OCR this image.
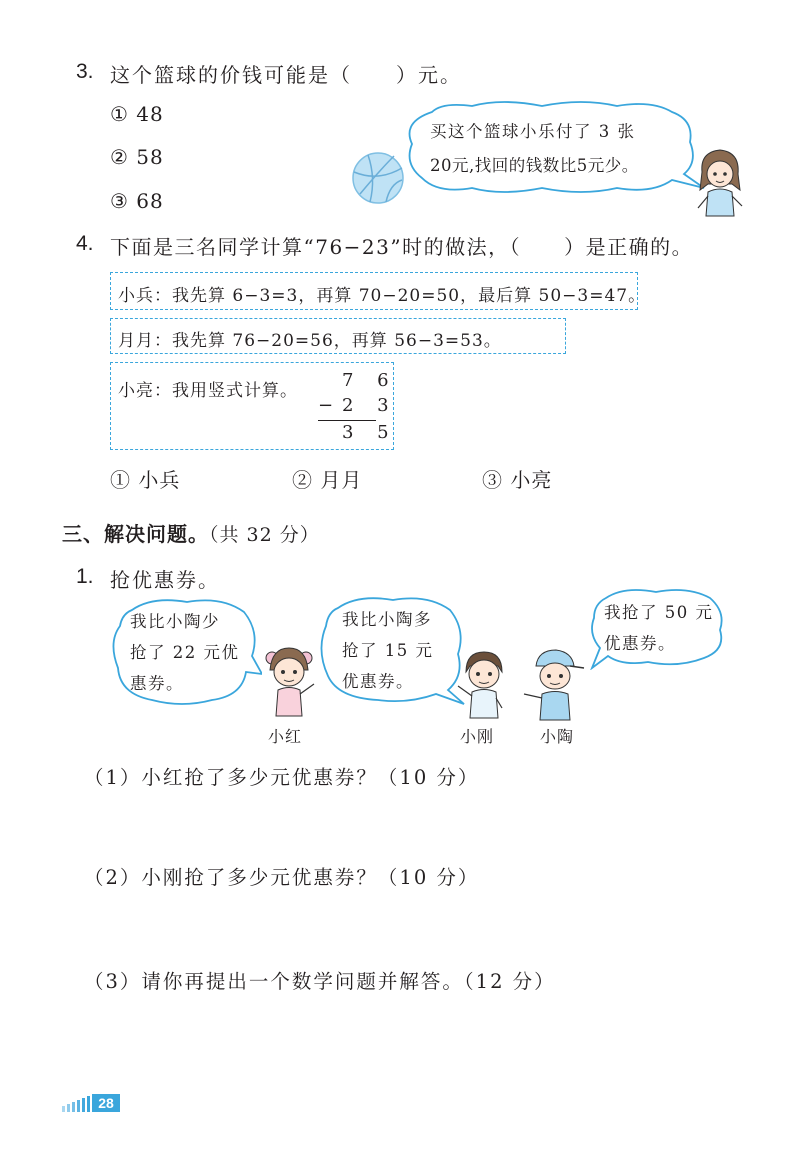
3. 这个篮球的价钱可能是（　　）元。
① 48
② 58
③ 68
买这个篮球小乐付了 3 张
20元,找回的钱数比5元少。
4. 下面是三名同学计算“76−23”时的做法，（　　）是正确的。
小兵：我先算 6−3=3，再算 70−20=50，最后算 50−3=47。
月月：我先算 76−20=56，再算 56−3=53。
小亮：我用竖式计算。 7 6
− 2 3
3 5
① 小兵	② 月月	③ 小亮
三、解决问题。（共 32 分）
1. 抢优惠券。
我比小陶少
抢了 22 元优
惠券。
小红
我比小陶多
抢了 15 元
优惠券。
小刚	小陶
我抢了 50 元
优惠券。
（1）小红抢了多少元优惠券？（10 分）
（2）小刚抢了多少元优惠券？（10 分）
（3）请你再提出一个数学问题并解答。（12 分）
28
